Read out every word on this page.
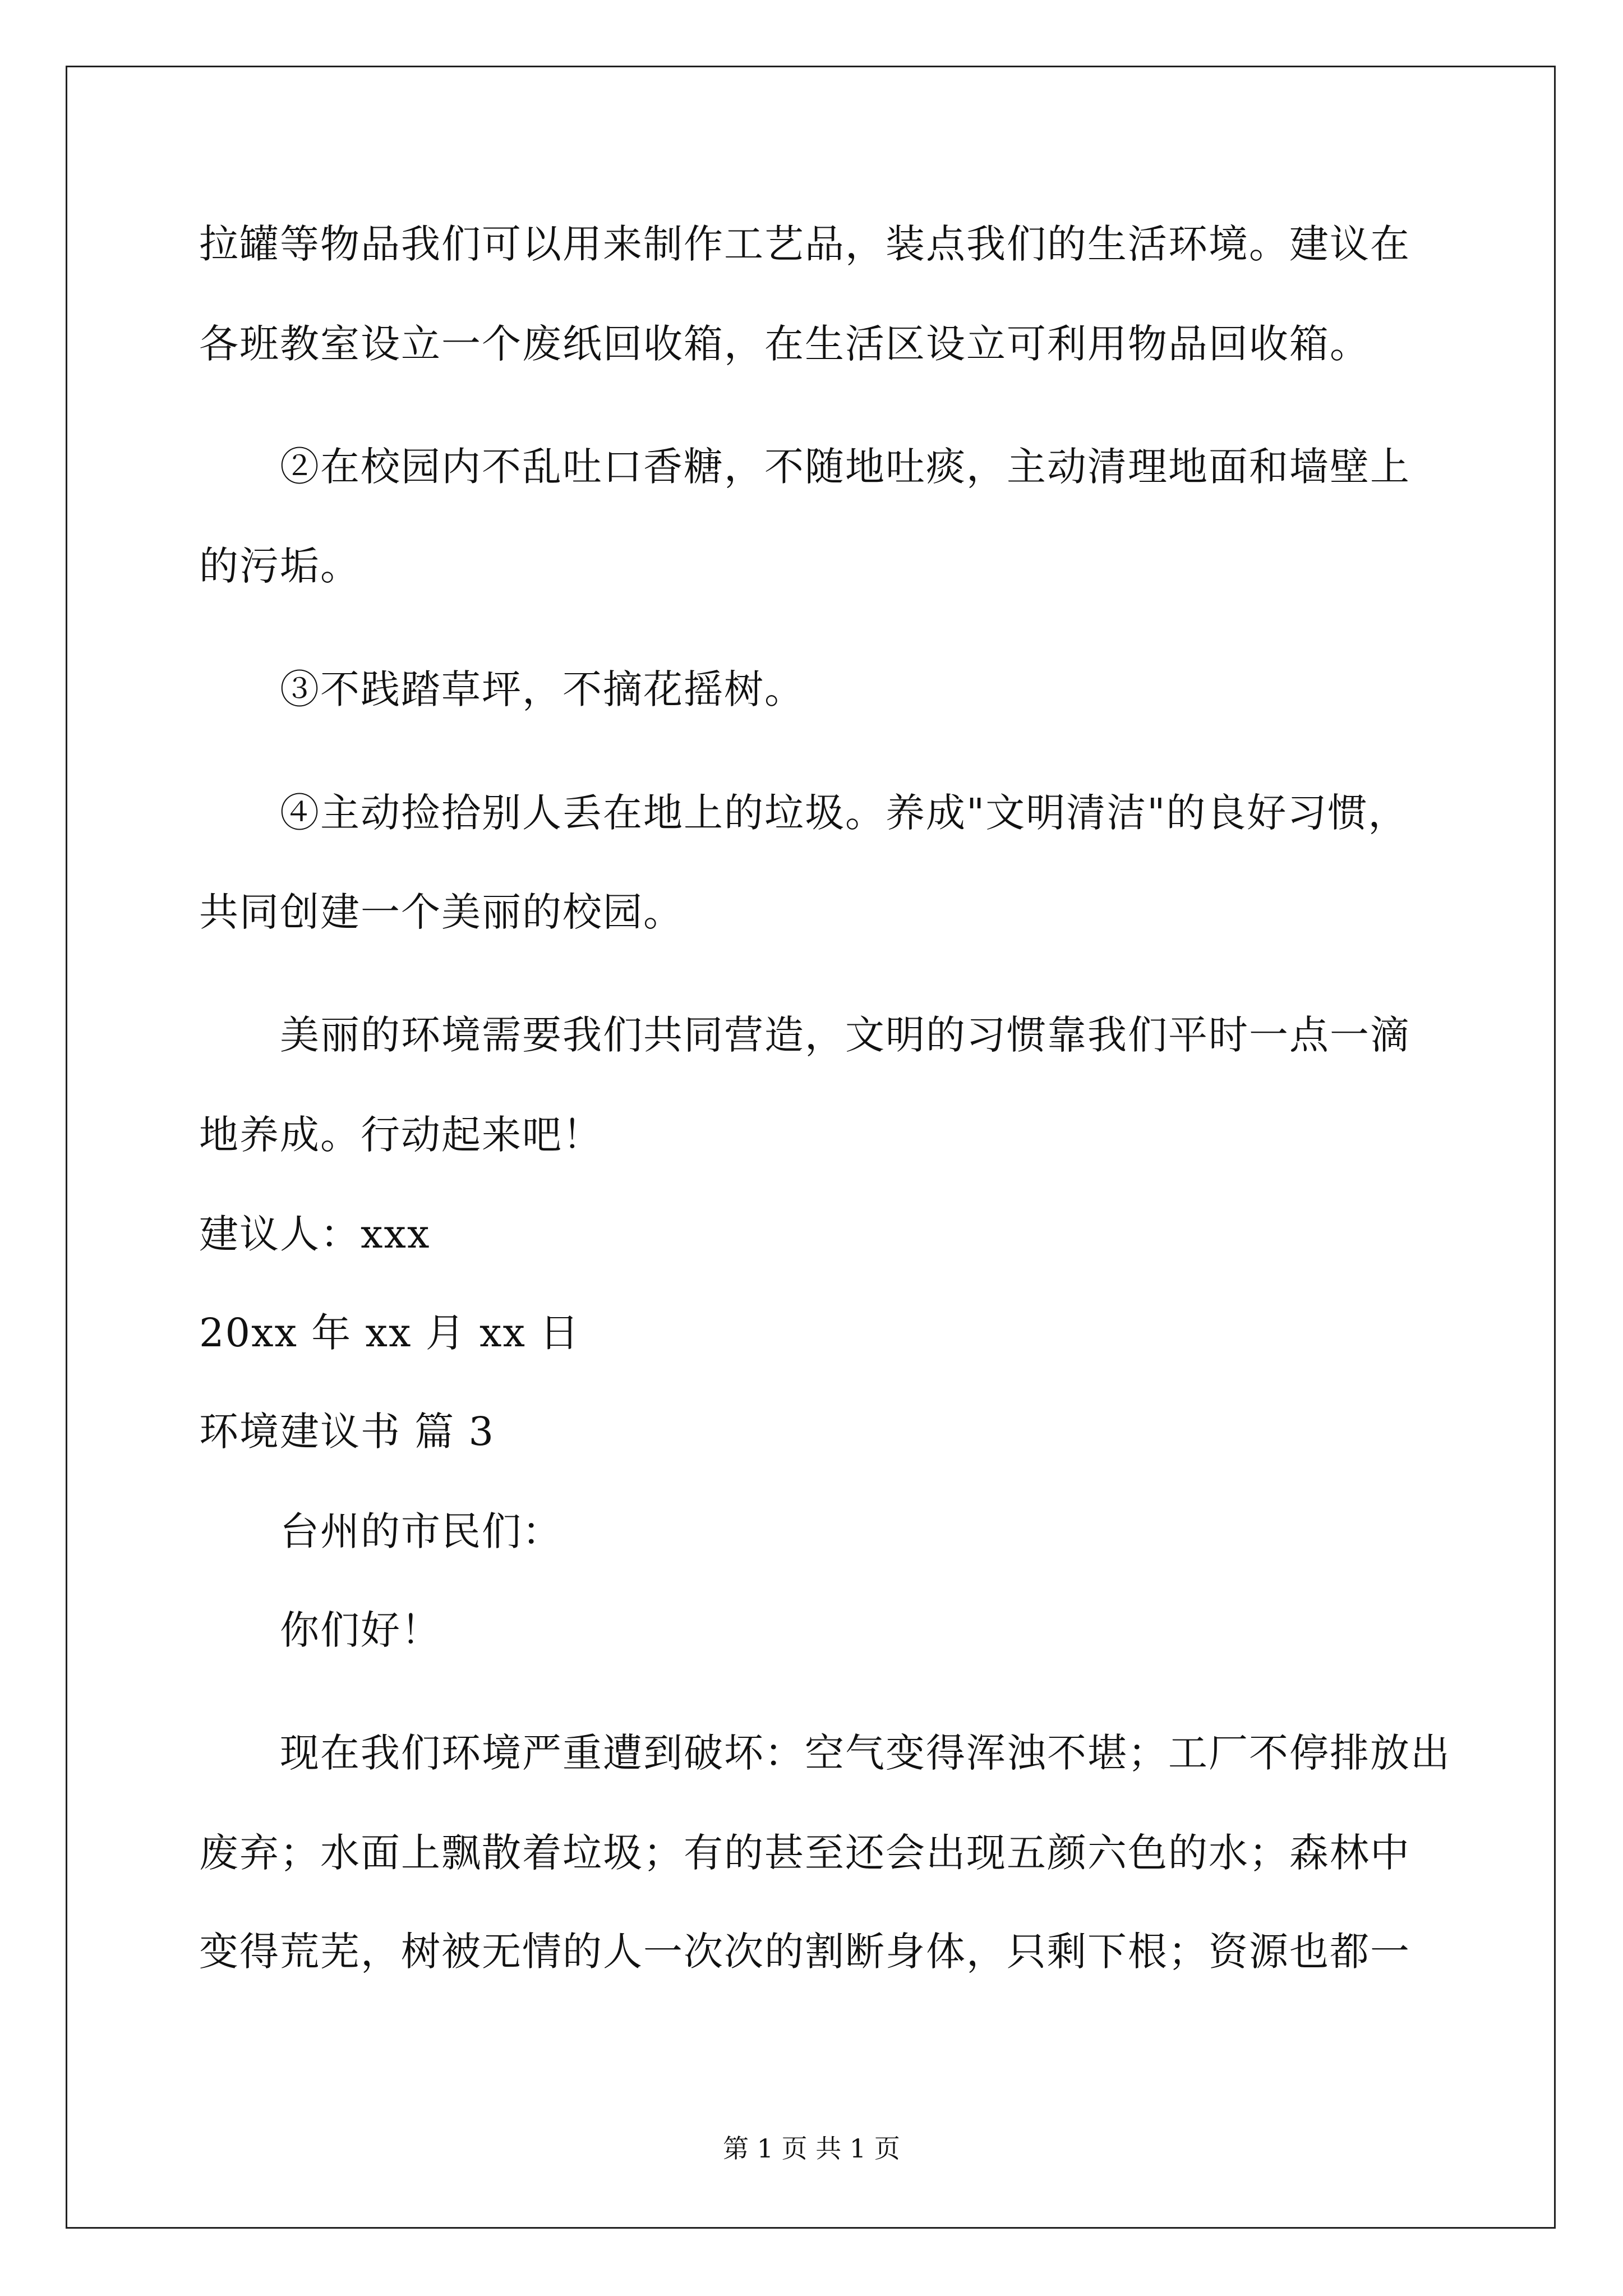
拉罐等物品我们可以用来制作工艺品，装点我们的生活环境。建议在
各班教室设立一个废纸回收箱，在生活区设立可利用物品回收箱。
②在校园内不乱吐口香糖，不随地吐痰，主动清理地面和墙壁上
的污垢。
③不践踏草坪，不摘花摇树。
④主动捡拾别人丢在地上的垃圾。养成"文明清洁"的良好习惯，
共同创建一个美丽的校园。
美丽的环境需要我们共同营造，文明的习惯靠我们平时一点一滴
地养成。行动起来吧！
建议人：xxx
20xx 年 xx 月 xx 日
环境建议书 篇 3
台州的市民们：
你们好！
现在我们环境严重遭到破坏：空气变得浑浊不堪；工厂不停排放出
废弃；水面上飘散着垃圾；有的甚至还会出现五颜六色的水；森林中
变得荒芜，树被无情的人一次次的割断身体，只剩下根；资源也都一
第 1 页 共 1 页
